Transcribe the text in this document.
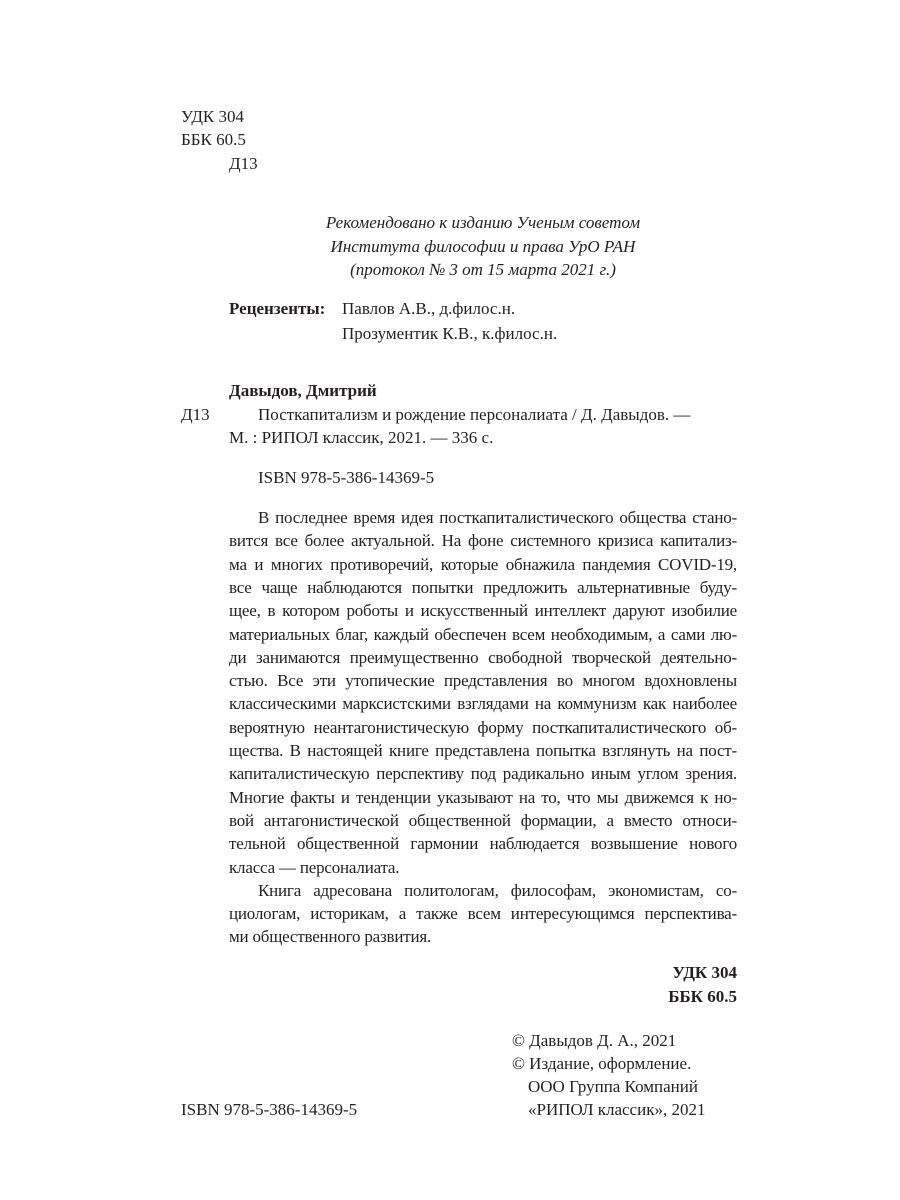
УДК 304
ББК 60.5
Д13
Рекомендовано к изданию Ученым советом
Института философии и права УрО РАН
(протокол № 3 от 15 марта 2021 г.)
Рецензенты: Павлов А.В., д.филос.н.
Прозументик К.В., к.филос.н.
Давыдов, Дмитрий
Д13	Посткапитализм и рождение персоналиата / Д. Давыдов. —
М. : РИПОЛ классик, 2021. — 336 с.
ISBN 978-5-386-14369-5
В последнее время идея посткапиталистического общества стано-
вится все более актуальной. На фоне системного кризиса капитализ-
ма и многих противоречий, которые обнажила пандемия COVID-19,
все чаще наблюдаются попытки предложить альтернативные буду-
щее, в котором роботы и искусственный интеллект даруют изобилие
материальных благ, каждый обеспечен всем необходимым, а сами лю-
ди занимаются преимущественно свободной творческой деятельно-
стью. Все эти утопические представления во многом вдохновлены
классическими марксистскими взглядами на коммунизм как наиболее
вероятную неантагонистическую форму посткапиталистического об-
щества. В настоящей книге представлена попытка взглянуть на пост-
капиталистическую перспективу под радикально иным углом зрения.
Многие факты и тенденции указывают на то, что мы движемся к но-
вой антагонистической общественной формации, а вместо относи-
тельной общественной гармонии наблюдается возвышение нового
класса — персоналиата.
Книга адресована политологам, философам, экономистам, со-
циологам, историкам, а также всем интересующимся перспектива-
ми общественного развития.
УДК 304
ББК 60.5
© Давыдов Д. А., 2021
© Издание, оформление.
ООО Группа Компаний
«РИПОЛ классик», 2021
ISBN 978-5-386-14369-5
